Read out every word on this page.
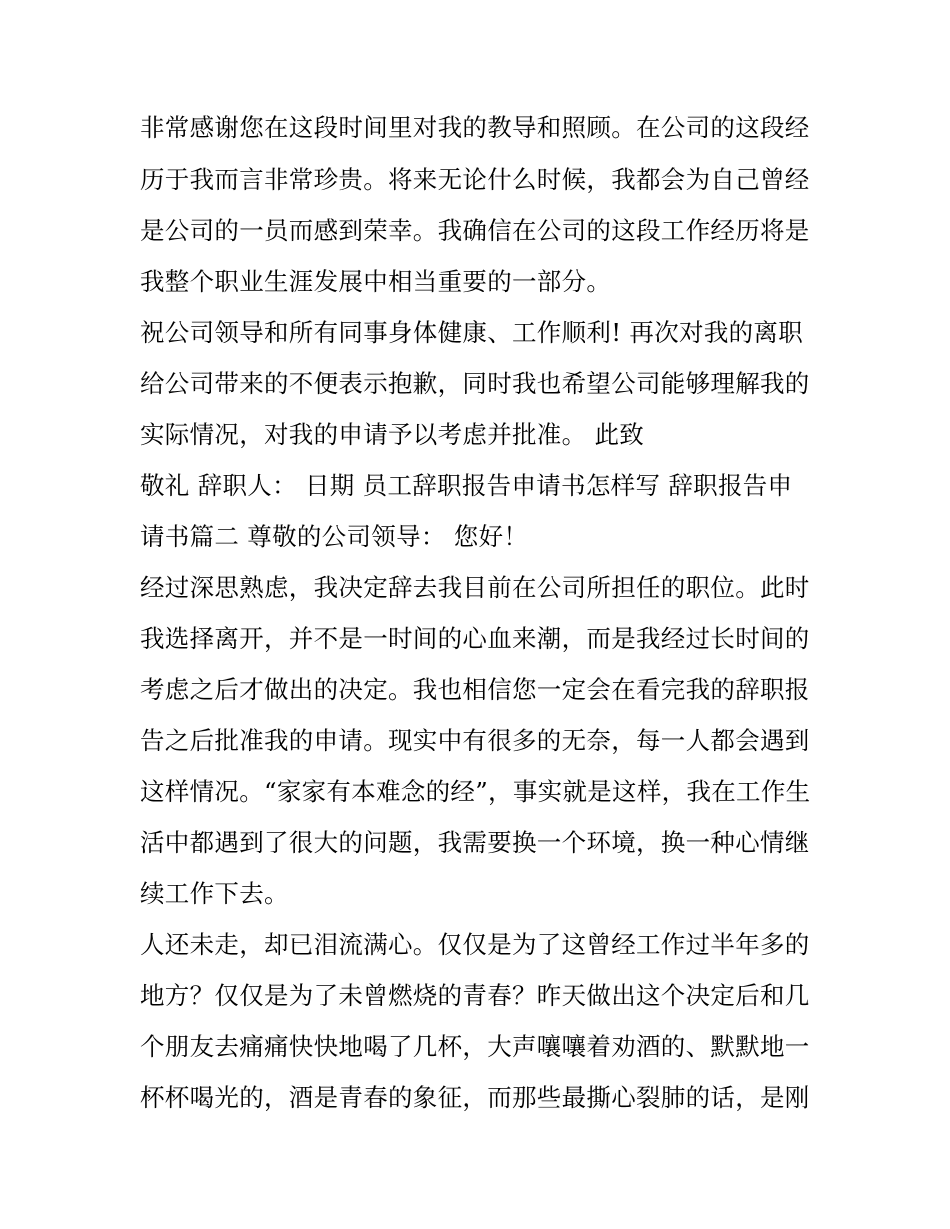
非常感谢您在这段时间里对我的教导和照顾。在公司的这段经
历于我而言非常珍贵。将来无论什么时候，我都会为自己曾经
是公司的一员而感到荣幸。我确信在公司的这段工作经历将是
我整个职业生涯发展中相当重要的一部分。
祝公司领导和所有同事身体健康、工作顺利! 再次对我的离职
给公司带来的不便表示抱歉，同时我也希望公司能够理解我的
实际情况，对我的申请予以考虑并批准。 此致
敬礼 辞职人： 日期 员工辞职报告申请书怎样写 辞职报告申
请书篇二 尊敬的公司领导： 您好！
经过深思熟虑，我决定辞去我目前在公司所担任的职位。此时
我选择离开，并不是一时间的心血来潮，而是我经过长时间的
考虑之后才做出的决定。我也相信您一定会在看完我的辞职报
告之后批准我的申请。现实中有很多的无奈，每一人都会遇到
这样情况。“家家有本难念的经”，事实就是这样，我在工作生
活中都遇到了很大的问题，我需要换一个环境，换一种心情继
续工作下去。
人还未走，却已泪流满心。仅仅是为了这曾经工作过半年多的
地方？仅仅是为了未曾燃烧的青春？昨天做出这个决定后和几
个朋友去痛痛快快地喝了几杯，大声嚷嚷着劝酒的、默默地一
杯杯喝光的，酒是青春的象征，而那些最撕心裂肺的话，是刚
